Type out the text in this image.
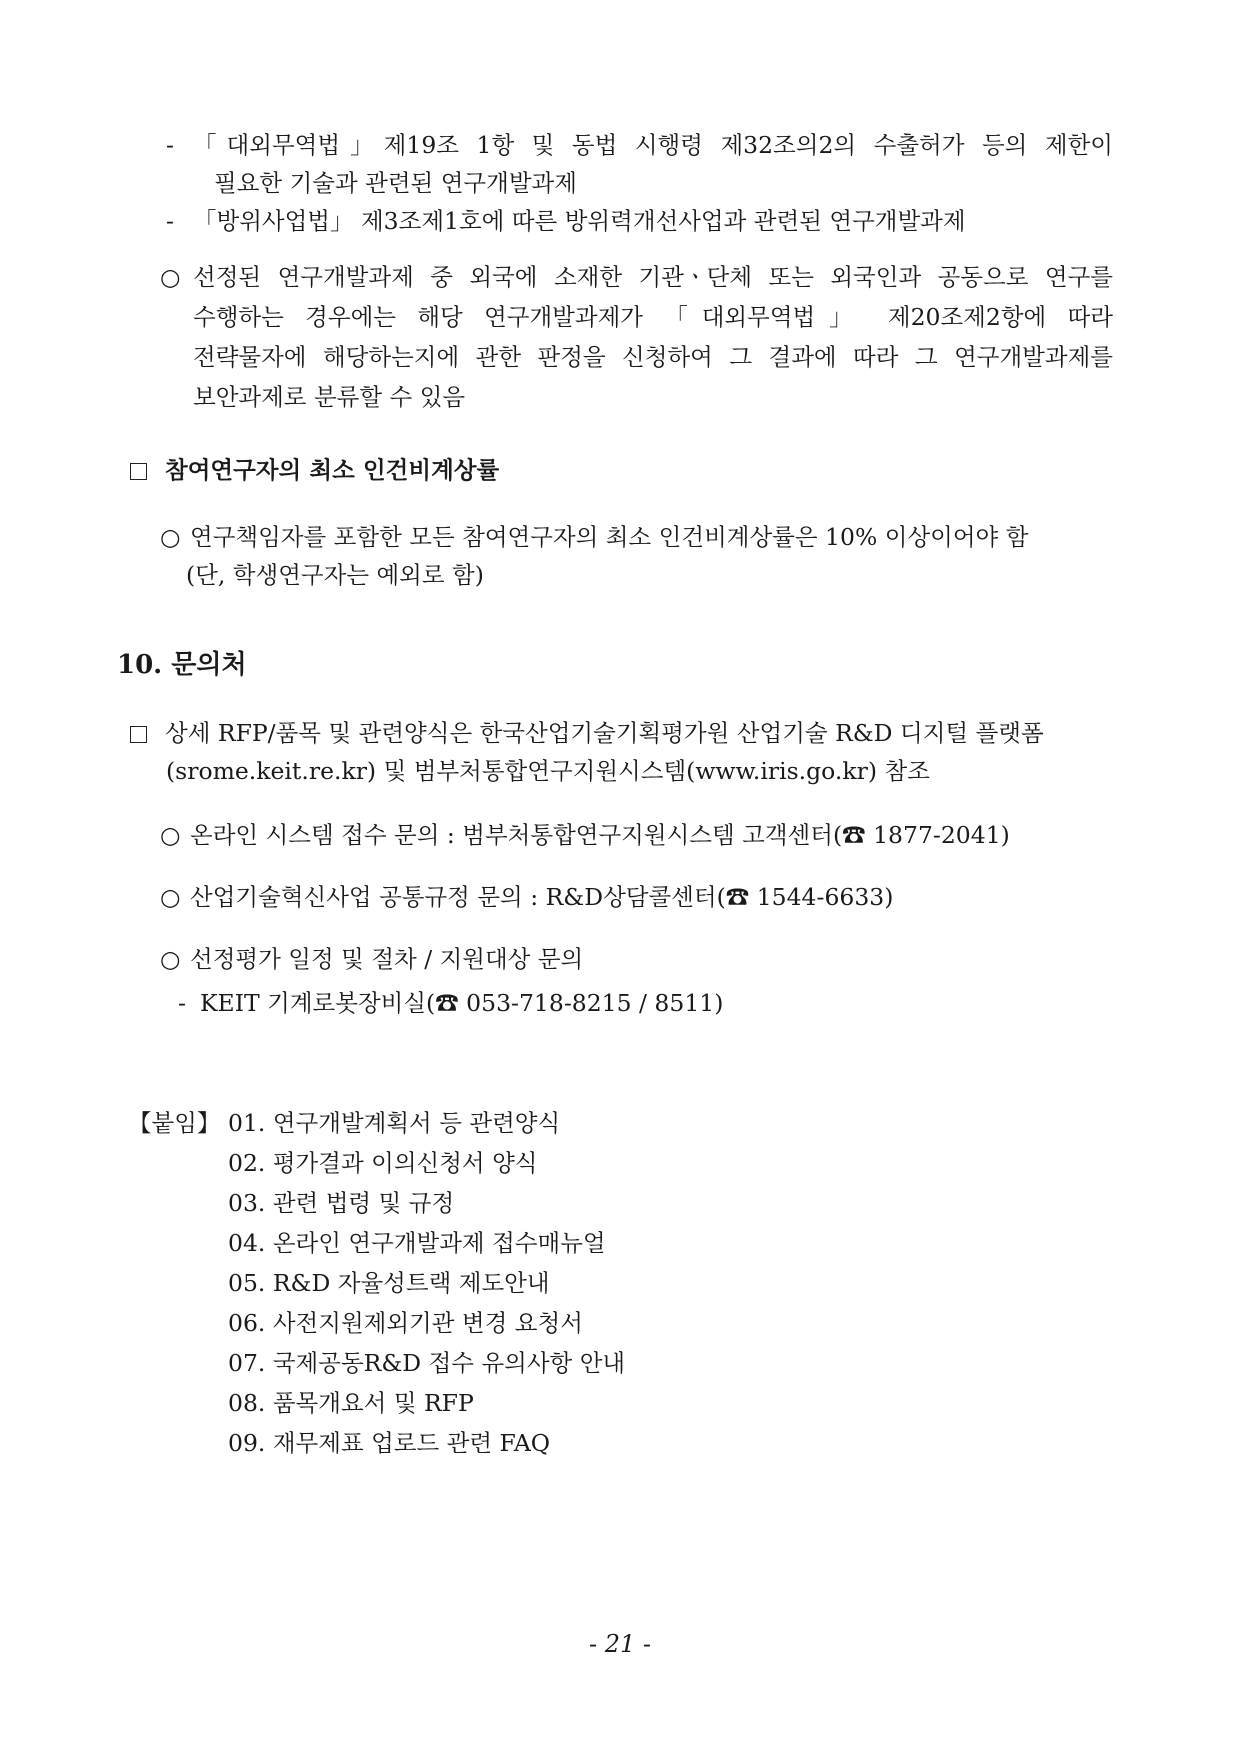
- 「대외무역법」제19조 1항 및 동법 시행령 제32조의2의 수출허가 등의 제한이
필요한 기술과 관련된 연구개발과제
- 「방위사업법」 제3조제1호에 따른 방위력개선사업과 관련된 연구개발과제
○ 선정된 연구개발과제 중 외국에 소재한 기관ㆍ단체 또는 외국인과 공동으로 연구를
수행하는 경우에는 해당 연구개발과제가 「대외무역법」 제20조제2항에 따라
전략물자에 해당하는지에 관한 판정을 신청하여 그 결과에 따라 그 연구개발과제를
보안과제로 분류할 수 있음
참여연구자의 최소 인건비계상률
○ 연구책임자를 포함한 모든 참여연구자의 최소 인건비계상률은 10% 이상이어야 함
(단, 학생연구자는 예외로 함)
10. 문의처
상세 RFP/품목 및 관련양식은 한국산업기술기획평가원 산업기술 R&D 디지털 플랫폼
(srome.keit.re.kr) 및 범부처통합연구지원시스템(www.iris.go.kr) 참조
○ 온라인 시스템 접수 문의 : 범부처통합연구지원시스템 고객센터(☎ 1877-2041)
○ 산업기술혁신사업 공통규정 문의 : R&D상담콜센터(☎ 1544-6633)
○ 선정평가 일정 및 절차 / 지원대상 문의
- KEIT 기계로봇장비실(☎ 053-718-8215 / 8511)
【붙임】 01. 연구개발계획서 등 관련양식
02. 평가결과 이의신청서 양식
03. 관련 법령 및 규정
04. 온라인 연구개발과제 접수매뉴얼
05. R&D 자율성트랙 제도안내
06. 사전지원제외기관 변경 요청서
07. 국제공동R&D 접수 유의사항 안내
08. 품목개요서 및 RFP
09. 재무제표 업로드 관련 FAQ
- 21 -
